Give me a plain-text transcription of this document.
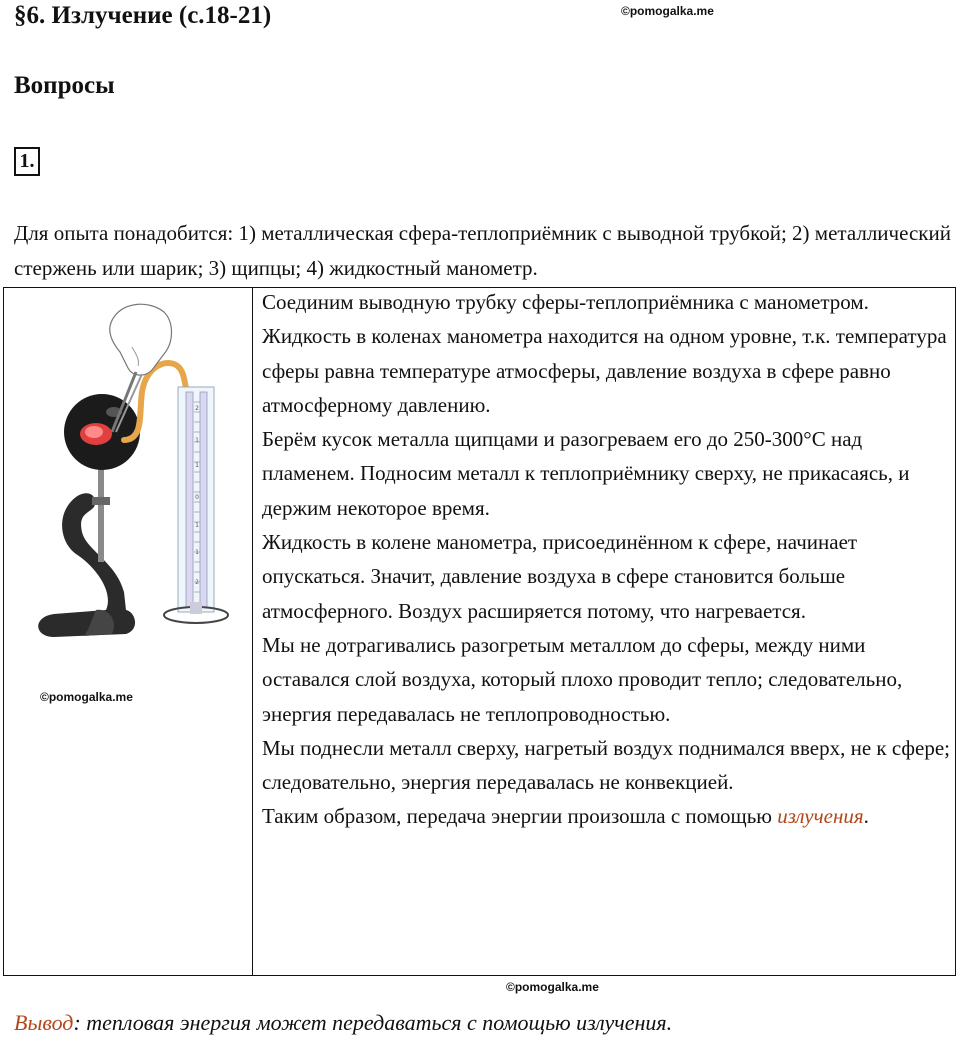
§6. Излучение (с.18-21)	©pomogalka.me
Вопросы
1.
Для опыта понадобится: 1) металлическая сфера-теплоприёмник с выводной трубкой; 2) металлический стержень или шарик; 3) щипцы; 4) жидкостный манометр.
2
1
1
0
1
1
2
©pomogalka.me

Соединим выводную трубку сферы-теплоприёмника с манометром. Жидкость в коленах манометра находится на одном уровне, т.к. температура сферы равна температуре атмосферы, давление воздуха в сфере равно атмосферному давлению.

Берём кусок металла щипцами и разогреваем его до 250-300°С над пламенем. Подносим металл к теплоприёмнику сверху, не прикасаясь, и держим некоторое время.

Жидкость в колене манометра, присоединённом к сфере, начинает опускаться. Значит, давление воздуха в сфере становится больше атмосферного. Воздух расширяется потому, что нагревается.

Мы не дотрагивались разогретым металлом до сферы, между ними оставался слой воздуха, который плохо проводит тепло; следовательно, энергия передавалась не теплопроводностью.

Мы поднесли металл сверху, нагретый воздух поднимался вверх, не к сфере; следовательно, энергия передавалась не конвекцией.

Таким образом, передача энергии произошла с помощью излучения.

©pomogalka.me
Вывод: тепловая энергия может передаваться с помощью излучения.
